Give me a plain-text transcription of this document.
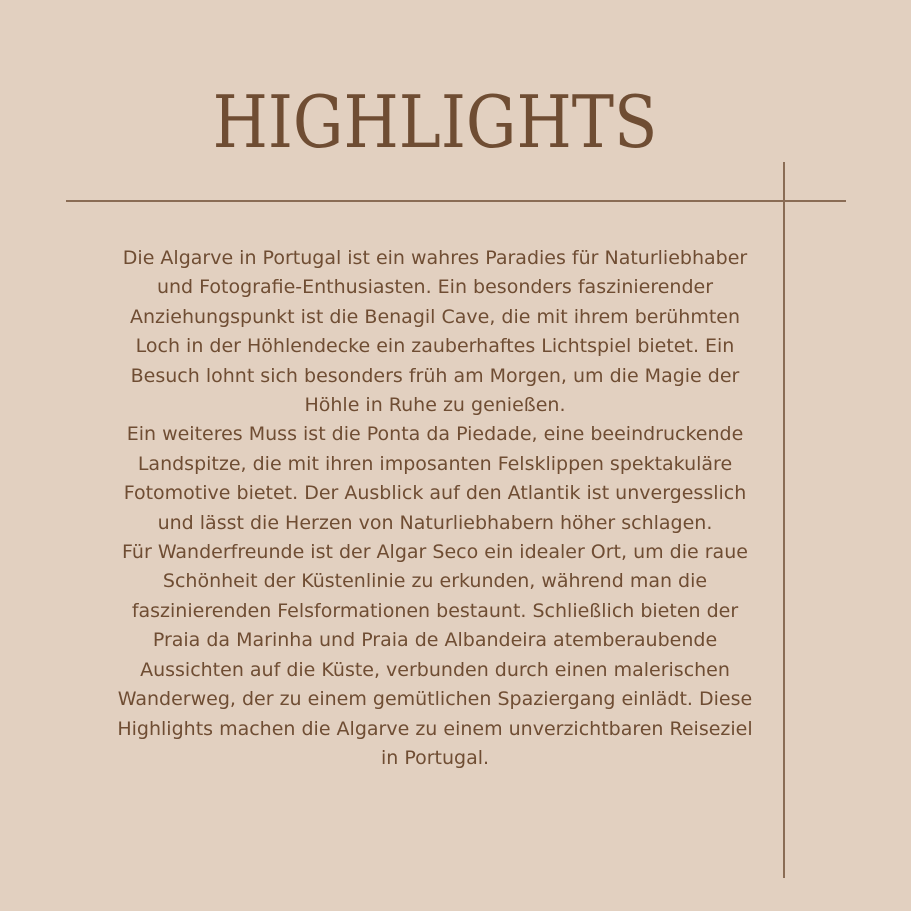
HIGHLIGHTS

Die Algarve in Portugal ist ein wahres Paradies für Naturliebhaber und Fotografie-Enthusiasten. Ein besonders faszinierender Anziehungspunkt ist die Benagil Cave, die mit ihrem berühmten Loch in der Höhlendecke ein zauberhaftes Lichtspiel bietet. Ein Besuch lohnt sich besonders früh am Morgen, um die Magie der Höhle in Ruhe zu genießen.

Ein weiteres Muss ist die Ponta da Piedade, eine beeindruckende Landspitze, die mit ihren imposanten Felsklippen spektakuläre Fotomotive bietet. Der Ausblick auf den Atlantik ist unvergesslich und lässt die Herzen von Naturliebhabern höher schlagen.

Für Wanderfreunde ist der Algar Seco ein idealer Ort, um die raue Schönheit der Küstenlinie zu erkunden, während man die faszinierenden Felsformationen bestaunt. Schließlich bieten der Praia da Marinha und Praia de Albandeira atemberaubende Aussichten auf die Küste, verbunden durch einen malerischen Wanderweg, der zu einem gemütlichen Spaziergang einlädt. Diese Highlights machen die Algarve zu einem unverzichtbaren Reiseziel in Portugal.
